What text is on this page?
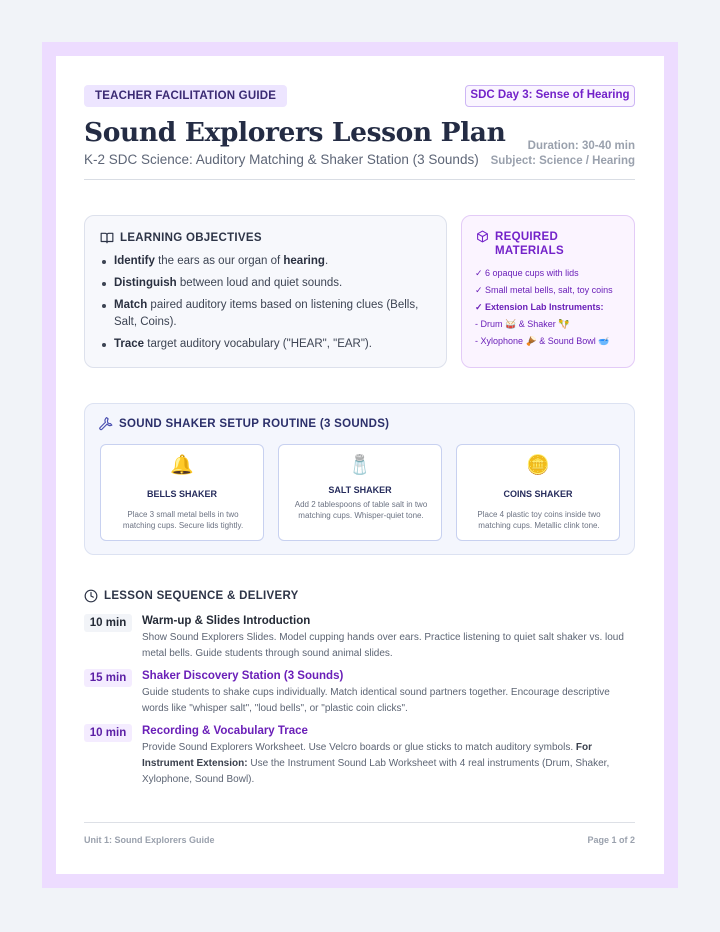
TEACHER FACILITATION GUIDE	SDC Day 3: Sense of Hearing
Sound Explorers Lesson Plan
K-2 SDC Science: Auditory Matching & Shaker Station (3 Sounds)
Duration: 30-40 min
Subject: Science / Hearing
LEARNING OBJECTIVES
Identify the ears as our organ of hearing.
Distinguish between loud and quiet sounds.
Match paired auditory items based on listening clues (Bells, Salt, Coins).
Trace target auditory vocabulary ("HEAR", "EAR").
REQUIRED
MATERIALS
✓ 6 opaque cups with lids
✓ Small metal bells, salt, toy coins
✓ Extension Lab Instruments:
- Drum 🥁 & Shaker 🪇
- Xylophone 🪘 & Sound Bowl 🥣
SOUND SHAKER SETUP ROUTINE (3 SOUNDS)
🔔
BELLS SHAKER
Place 3 small metal bells in two matching cups. Secure lids tightly.
🧂
SALT SHAKER
Add 2 tablespoons of table salt in two matching cups. Whisper-quiet tone.
🪙
COINS SHAKER
Place 4 plastic toy coins inside two matching cups. Metallic clink tone.
LESSON SEQUENCE & DELIVERY
10 min	Warm-up & Slides Introduction
Show Sound Explorers Slides. Model cupping hands over ears. Practice listening to quiet salt shaker vs. loud metal bells. Guide students through sound animal slides.
15 min	Shaker Discovery Station (3 Sounds)
Guide students to shake cups individually. Match identical sound partners together. Encourage descriptive words like "whisper salt", "loud bells", or "plastic coin clicks".
10 min	Recording & Vocabulary Trace
Provide Sound Explorers Worksheet. Use Velcro boards or glue sticks to match auditory symbols. For Instrument Extension: Use the Instrument Sound Lab Worksheet with 4 real instruments (Drum, Shaker, Xylophone, Sound Bowl).
Unit 1: Sound Explorers Guide	Page 1 of 2
